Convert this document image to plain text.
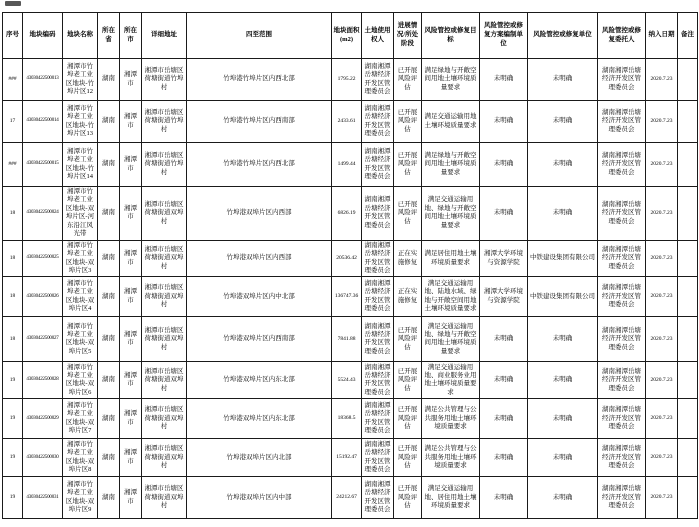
序号	地块编码	地块名称	所在省	所在市	详细地址	四至范围	地块面积(m2)	土地使用权人	进展情况/所处阶段	风险管控或修复目标	风险管控或修复方案编制单位	风险管控或修复单位	风险管控或修复委托人	纳入日期	备注
###	43030422500013	湘潭市竹埠老工业区地块-竹埠片区12	湖南	湘潭市	湘潭市岳塘区荷塘街道竹埠村	竹埠港竹埠片区内西北部	1795.22	湖南湘潭岳塘经济开发区管理委员会	已开展风险评估	满足绿地与开敞空间用地土壤环境质量要求	未明确	未明确	湖南湘潭岳塘经济开发区管理委员会	2020.7.23	
17	43030422500014	湘潭市竹埠老工业区地块-竹埠片区13	湖南	湘潭市	湘潭市岳塘区荷塘街道竹埠村	竹埠港竹埠片区内西南部	2433.61	湖南湘潭岳塘经济开发区管理委员会	已开展风险评估	满足交通运输用地土壤环境质量要求	未明确	未明确	湖南湘潭岳塘经济开发区管理委员会	2020.7.23	
###	43030422500015	湘潭市竹埠老工业区地块-竹埠片区14	湖南	湘潭市	湘潭市岳塘区荷塘街道竹埠村	竹埠港竹埠片区内西北部	1499.44	湖南湘潭岳塘经济开发区管理委员会	已开展风险评估	满足绿地与开敞空间用地土壤环境质量要求	未明确	未明确	湖南湘潭岳塘经济开发区管理委员会	2020.7.23	
18	43030422500024	湘潭市竹埠老工业区地块-双埠片区-河东沿江风光带	湖南	湘潭市	湘潭市岳塘区荷塘街道双埠村	竹埠港双埠片区内西部	6826.19	湖南湘潭岳塘经济开发区管理委员会	已开展风险评估	满足交通运输用地、绿地与开敞空间用地土壤环境质量要求	未明确	未明确	湖南湘潭岳塘经济开发区管理委员会	2020.7.23	
18	43030422500025	湘潭市竹埠老工业区地块-双埠片区3	湖南	湘潭市	湘潭市岳塘区荷塘街道双埠村	竹埠港双埠片区内西部	20536.42	湖南湘潭岳塘经济开发区管理委员会	正在实施修复	满足居住用地土壤环境质量要求	湘潭大学环境与资源学院	中铁建设集团有限公司	湖南湘潭岳塘经济开发区管理委员会	2020.7.23	
18	43030422500026	湘潭市竹埠老工业区地块-双埠片区4	湖南	湘潭市	湘潭市岳塘区荷塘街道双埠村	竹埠港双埠片区内中北部	136747.36	湖南湘潭岳塘经济开发区管理委员会	正在实施修复	满足交通运输用地、陆地水域、绿地与开敞空间用地土壤环境质量要求	湘潭大学环境与资源学院	中铁建设集团有限公司	湖南湘潭岳塘经济开发区管理委员会	2020.7.23	
18	43030422500027	湘潭市竹埠老工业区地块-双埠片区5	湖南	湘潭市	湘潭市岳塘区荷塘街道双埠村	竹埠港双埠片区内西南部	7841.88	湖南湘潭岳塘经济开发区管理委员会	已开展风险评估	满足交通运输用地、绿地与开敞空间用地土壤环境质量要求	未明确	未明确	湖南湘潭岳塘经济开发区管理委员会	2020.7.23	
19	43030422500028	湘潭市竹埠老工业区地块-双埠片区6	湖南	湘潭市	湘潭市岳塘区荷塘街道双埠村	竹埠港双埠片区内东北部	5524.43	湖南湘潭岳塘经济开发区管理委员会	已开展风险评估	满足交通运输用地、商业服务业用地土壤环境质量要求	未明确	未明确	湖南湘潭岳塘经济开发区管理委员会	2020.7.23	
19	43030422500029	湘潭市竹埠老工业区地块-双埠片区7	湖南	湘潭市	湘潭市岳塘区荷塘街道双埠村	竹埠港双埠片区内东北部	18368.5	湖南湘潭岳塘经济开发区管理委员会	已开展风险评估	满足公共管理与公共服务用地土壤环境质量要求	未明确	未明确	湖南湘潭岳塘经济开发区管理委员会	2020.7.23	
19	43030422500030	湘潭市竹埠老工业区地块-双埠片区8	湖南	湘潭市	湘潭市岳塘区荷塘街道双埠村	竹埠港双埠片区内北部	15192.47	湖南湘潭岳塘经济开发区管理委员会	已开展风险评估	满足公共管理与公共服务用地土壤环境质量要求	未明确	未明确	湖南湘潭岳塘经济开发区管理委员会	2020.7.23	
19	43030422500031	湘潭市竹埠老工业区地块-双埠片区9	湖南	湘潭市	湘潭市岳塘区荷塘街道双埠村	竹埠港双埠片区内中部	24212.67	湖南湘潭岳塘经济开发区管理委员会	已开展风险评估	满足交通运输用地、居住用地土壤环境质量要求	未明确	未明确	湖南湘潭岳塘经济开发区管理委员会	2020.7.23	
